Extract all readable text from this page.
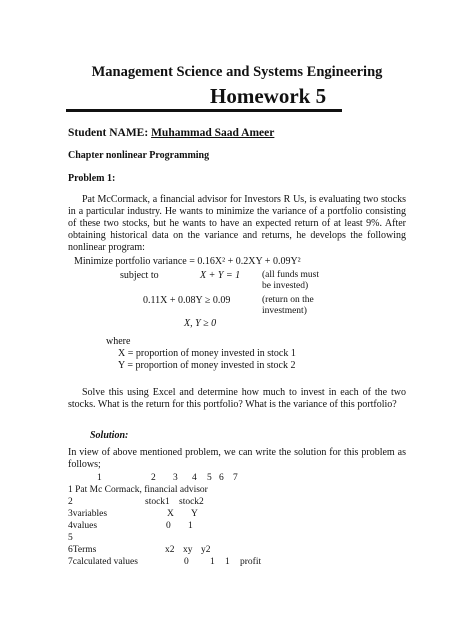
Management Science and Systems Engineering
Homework 5
Student NAME: Muhammad Saad Ameer
Chapter nonlinear Programming
Problem 1:
Pat McCormack, a financial advisor for Investors R Us, is evaluating two stocks in a particular industry. He wants to minimize the variance of a portfolio consisting of these two stocks, but he wants to have an expected return of at least 9%. After obtaining historical data on the variance and returns, he develops the following nonlinear program:
Minimize portfolio variance = 0.16X² + 0.2XY + 0.09Y²
subject to	X + Y = 1 (all funds must
be invested)
0.11X + 0.08Y ≥ 0.09	(return on the
investment)
X, Y ≥ 0
where
X = proportion of money invested in stock 1
Y = proportion of money invested in stock 2
Solve this using Excel and determine how much to invest in each of the two stocks. What is the return for this portfolio? What is the variance of this portfolio?
Solution:
In view of above mentioned problem, we can write the solution for this problem as follows;
1	2 3 4 5 6 7
1 Pat Mc Cormack, financial advisor
2	stock1 stock2
3variables	X Y
4values	0 1
5
6Terms	x2 xy y2
7calculated values	0 1 1 profit
